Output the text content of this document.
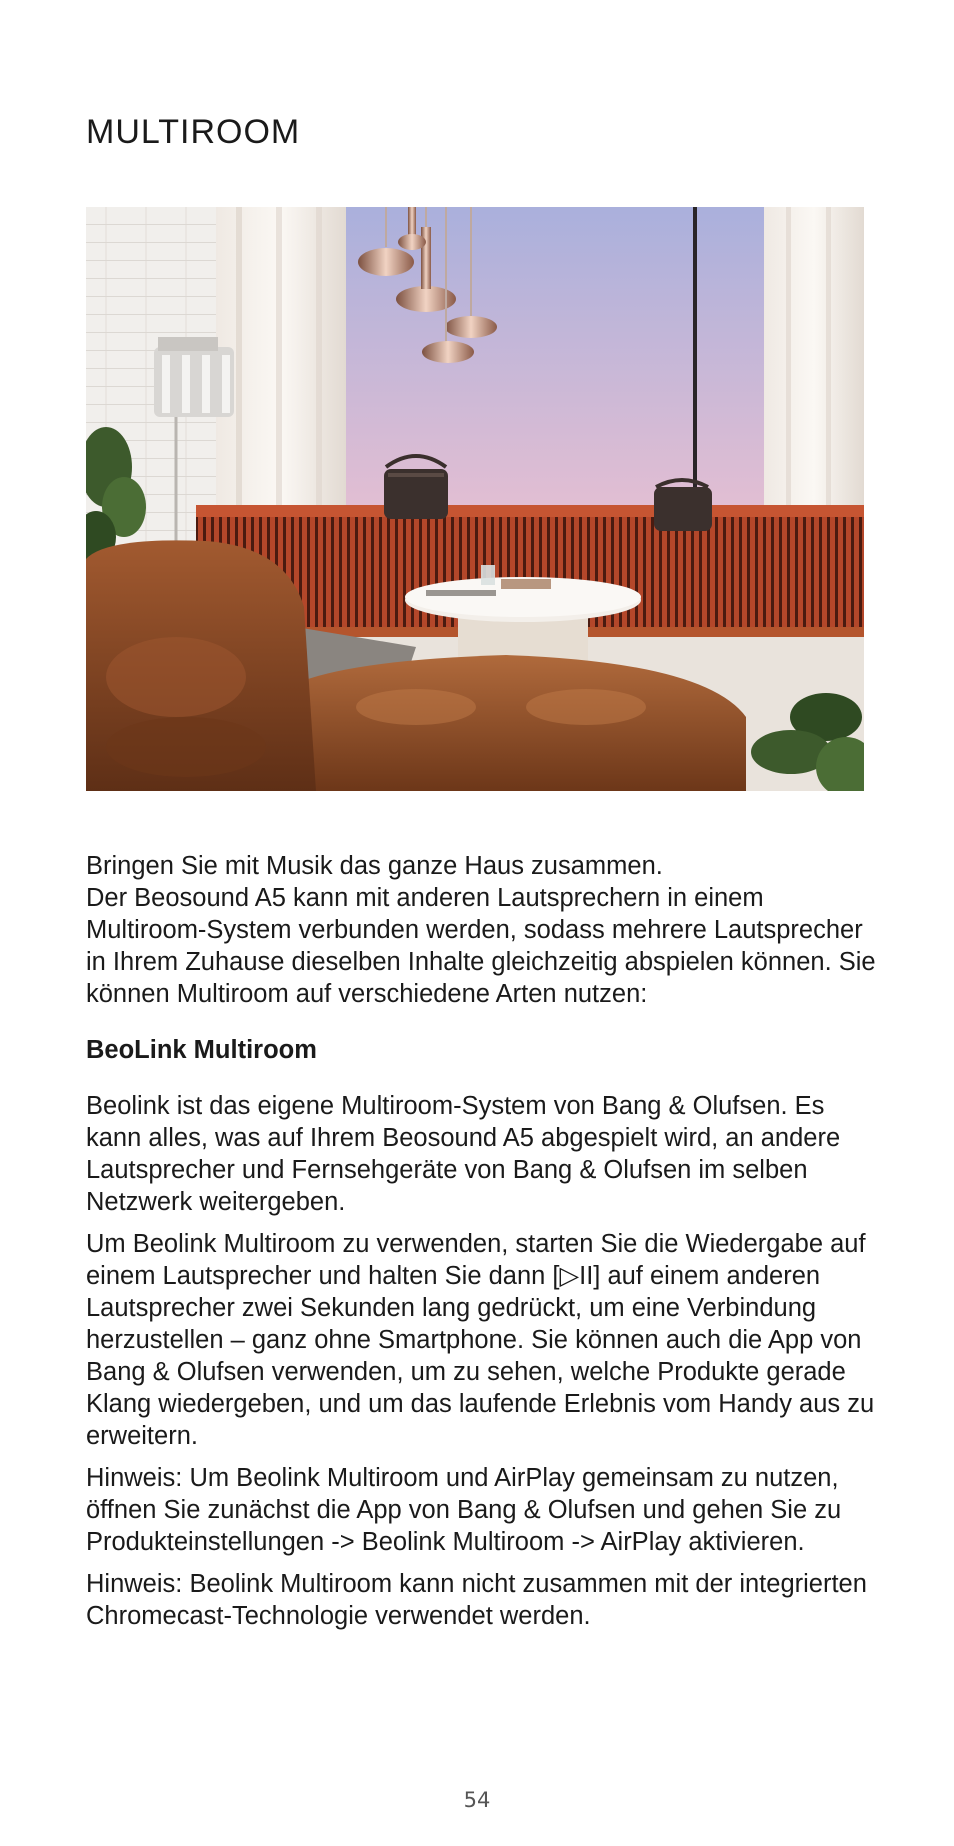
MULTIROOM

Bringen Sie mit Musik das ganze Haus zusammen.
Der Beosound A5 kann mit anderen Lautsprechern in einem Multiroom-System verbunden werden, sodass mehrere Lautsprecher in Ihrem Zuhause dieselben Inhalte gleichzeitig abspielen können. Sie können Multiroom auf verschiedene Arten nutzen:

BeoLink Multiroom

Beolink ist das eigene Multiroom-System von Bang & Olufsen. Es kann alles, was auf Ihrem Beosound A5 abgespielt wird, an andere Lautsprecher und Fernsehgeräte von Bang & Olufsen im selben Netzwerk weitergeben.

Um Beolink Multiroom zu verwenden, starten Sie die Wiedergabe auf einem Lautsprecher und halten Sie dann [▷II] auf einem anderen Lautsprecher zwei Sekunden lang gedrückt, um eine Verbindung herzustellen – ganz ohne Smartphone. Sie können auch die App von Bang & Olufsen verwenden, um zu sehen, welche Produkte gerade Klang wiedergeben, und um das laufende Erlebnis vom Handy aus zu erweitern.

Hinweis: Um Beolink Multiroom und AirPlay gemeinsam zu nutzen, öffnen Sie zunächst die App von Bang & Olufsen und gehen Sie zu Produkteinstellungen -> Beolink Multiroom -> AirPlay aktivieren.

Hinweis: Beolink Multiroom kann nicht zusammen mit der integrierten Chromecast-Technologie verwendet werden.

54
